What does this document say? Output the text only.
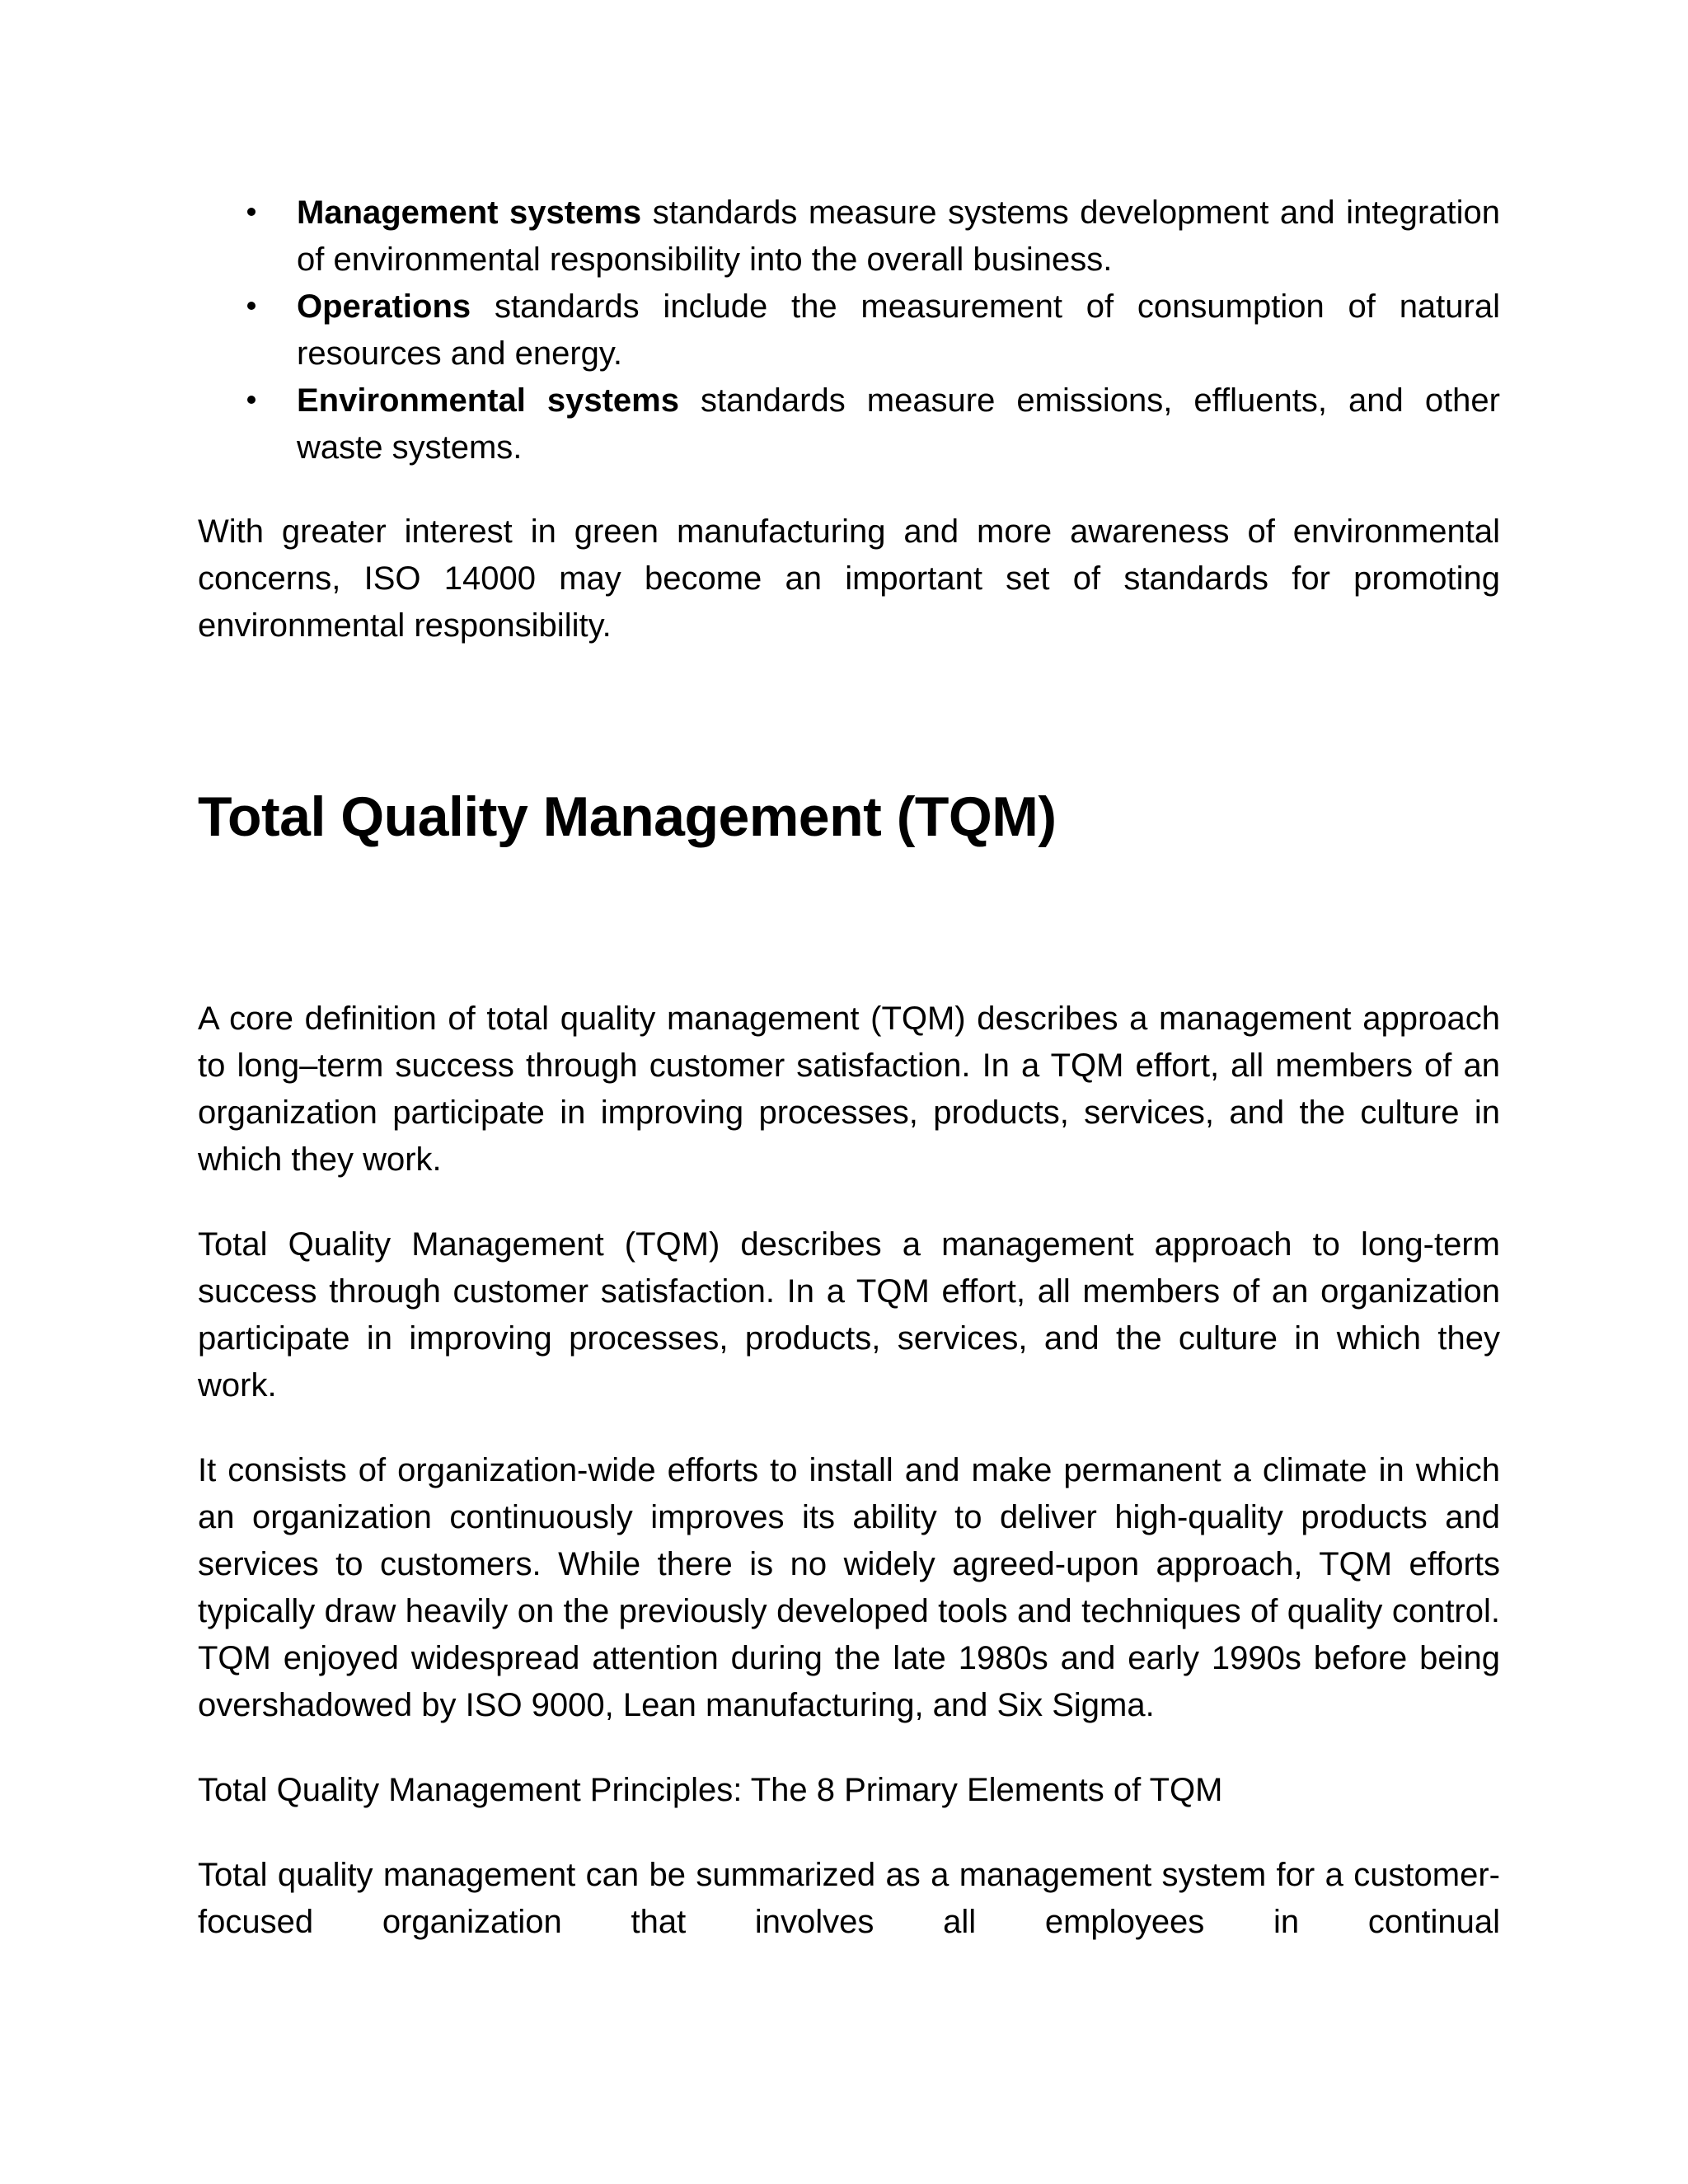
Management systems standards measure systems development and integration of environmental responsibility into the overall business.
Operations standards include the measurement of consumption of natural resources and energy.
Environmental systems standards measure emissions, effluents, and other waste systems.

With greater interest in green manufacturing and more awareness of environmental concerns, ISO 14000 may become an important set of standards for promoting environmental responsibility.

Total Quality Management (TQM)

A core definition of total quality management (TQM) describes a management approach to long–term success through customer satisfaction. In a TQM effort, all members of an organization participate in improving processes, products, services, and the culture in which they work.

Total Quality Management (TQM) describes a management approach to long-term success through customer satisfaction. In a TQM effort, all members of an organization participate in improving processes, products, services, and the culture in which they work.

It consists of organization-wide efforts to install and make permanent a climate in which an organization continuously improves its ability to deliver high-quality products and services to customers. While there is no widely agreed-upon approach, TQM efforts typically draw heavily on the previously developed tools and techniques of quality control. TQM enjoyed widespread attention during the late 1980s and early 1990s before being overshadowed by ISO 9000, Lean manufacturing, and Six Sigma.

Total Quality Management Principles: The 8 Primary Elements of TQM

Total quality management can be summarized as a management system for a customer-focused organization that involves all employees in continual
